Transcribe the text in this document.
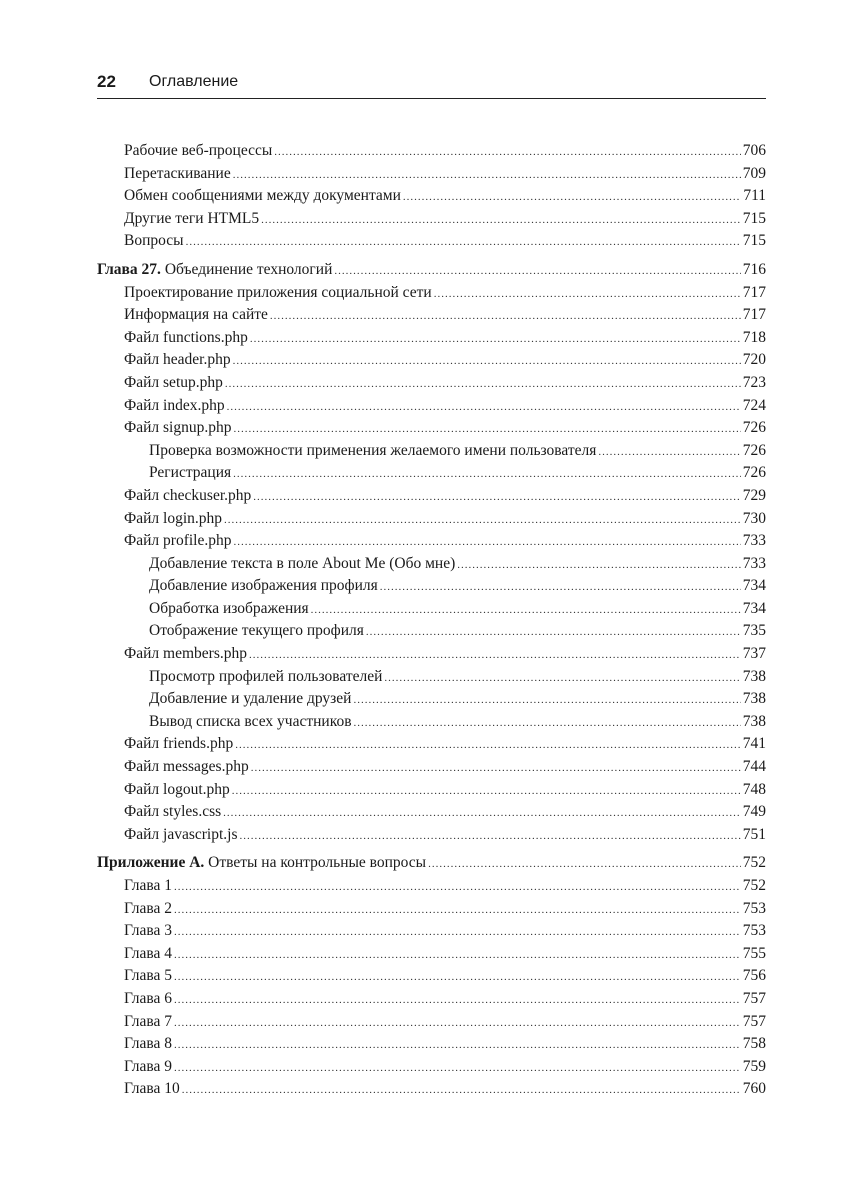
22 Оглавление
Рабочие веб-процессы .....	706
Перетаскивание .....	709
Обмен сообщениями между документами .....	711
Другие теги HTML5 .....	715
Вопросы .....	715
Глава 27. Объединение технологий .....	716
Проектирование приложения социальной сети .....	717
Информация на сайте .....	717
Файл functions.php .....	718
Файл header.php .....	720
Файл setup.php .....	723
Файл index.php .....	724
Файл signup.php .....	726
Проверка возможности применения желаемого имени пользователя .....	726
Регистрация .....	726
Файл checkuser.php .....	729
Файл login.php .....	730
Файл profile.php .....	733
Добавление текста в поле About Me (Обо мне) .....	733
Добавление изображения профиля .....	734
Обработка изображения .....	734
Отображение текущего профиля .....	735
Файл members.php .....	737
Просмотр профилей пользователей .....	738
Добавление и удаление друзей .....	738
Вывод списка всех участников .....	738
Файл friends.php .....	741
Файл messages.php .....	744
Файл logout.php .....	748
Файл styles.css .....	749
Файл javascript.js .....	751
Приложение А. Ответы на контрольные вопросы .....	752
Глава 1 .....	752
Глава 2 .....	753
Глава 3 .....	753
Глава 4 .....	755
Глава 5 .....	756
Глава 6 .....	757
Глава 7 .....	757
Глава 8 .....	758
Глава 9 .....	759
Глава 10 .....	760
